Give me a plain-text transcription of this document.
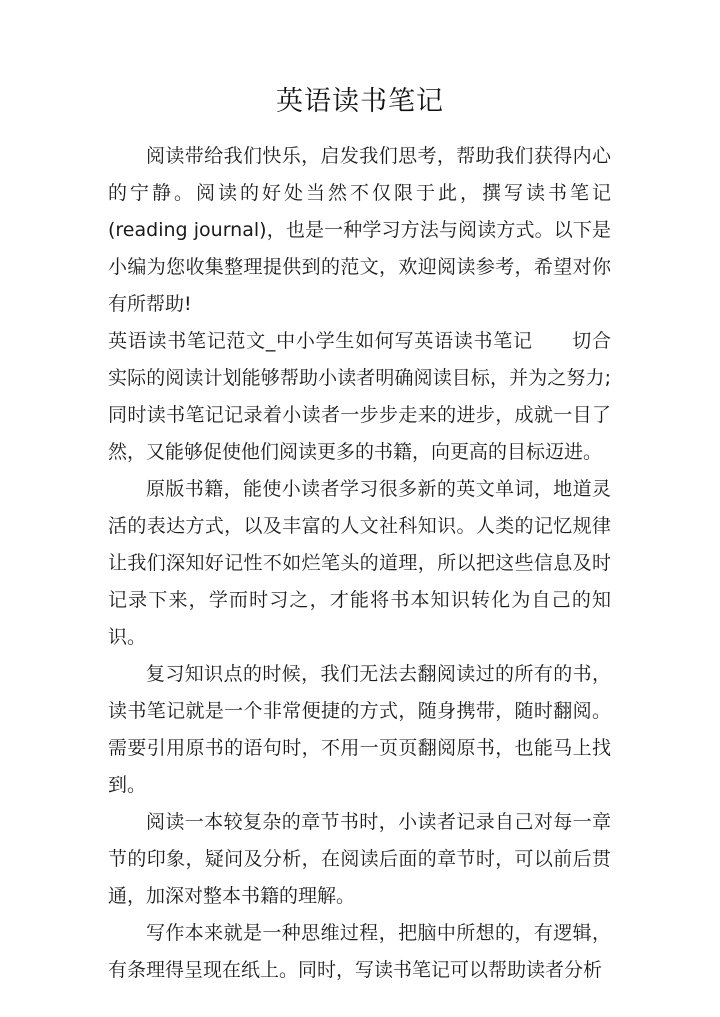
英语读书笔记

阅读带给我们快乐，启发我们思考，帮助我们获得内心的宁静。阅读的好处当然不仅限于此，撰写读书笔记(reading journal)，也是一种学习方法与阅读方式。以下是小编为您收集整理提供到的范文，欢迎阅读参考，希望对你有所帮助!

英语读书笔记范文_中小学生如何写英语读书笔记　　切合实际的阅读计划能够帮助小读者明确阅读目标，并为之努力;同时读书笔记记录着小读者一步步走来的进步，成就一目了然，又能够促使他们阅读更多的书籍，向更高的目标迈进。

原版书籍，能使小读者学习很多新的英文单词，地道灵活的表达方式，以及丰富的人文社科知识。人类的记忆规律让我们深知好记性不如烂笔头的道理，所以把这些信息及时记录下来，学而时习之，才能将书本知识转化为自己的知识。

复习知识点的时候，我们无法去翻阅读过的所有的书，读书笔记就是一个非常便捷的方式，随身携带，随时翻阅。需要引用原书的语句时，不用一页页翻阅原书，也能马上找到。

阅读一本较复杂的章节书时，小读者记录自己对每一章节的印象，疑问及分析，在阅读后面的章节时，可以前后贯通，加深对整本书籍的理解。

写作本来就是一种思维过程，把脑中所想的，有逻辑，有条理得呈现在纸上。同时，写读书笔记可以帮助读者分析
